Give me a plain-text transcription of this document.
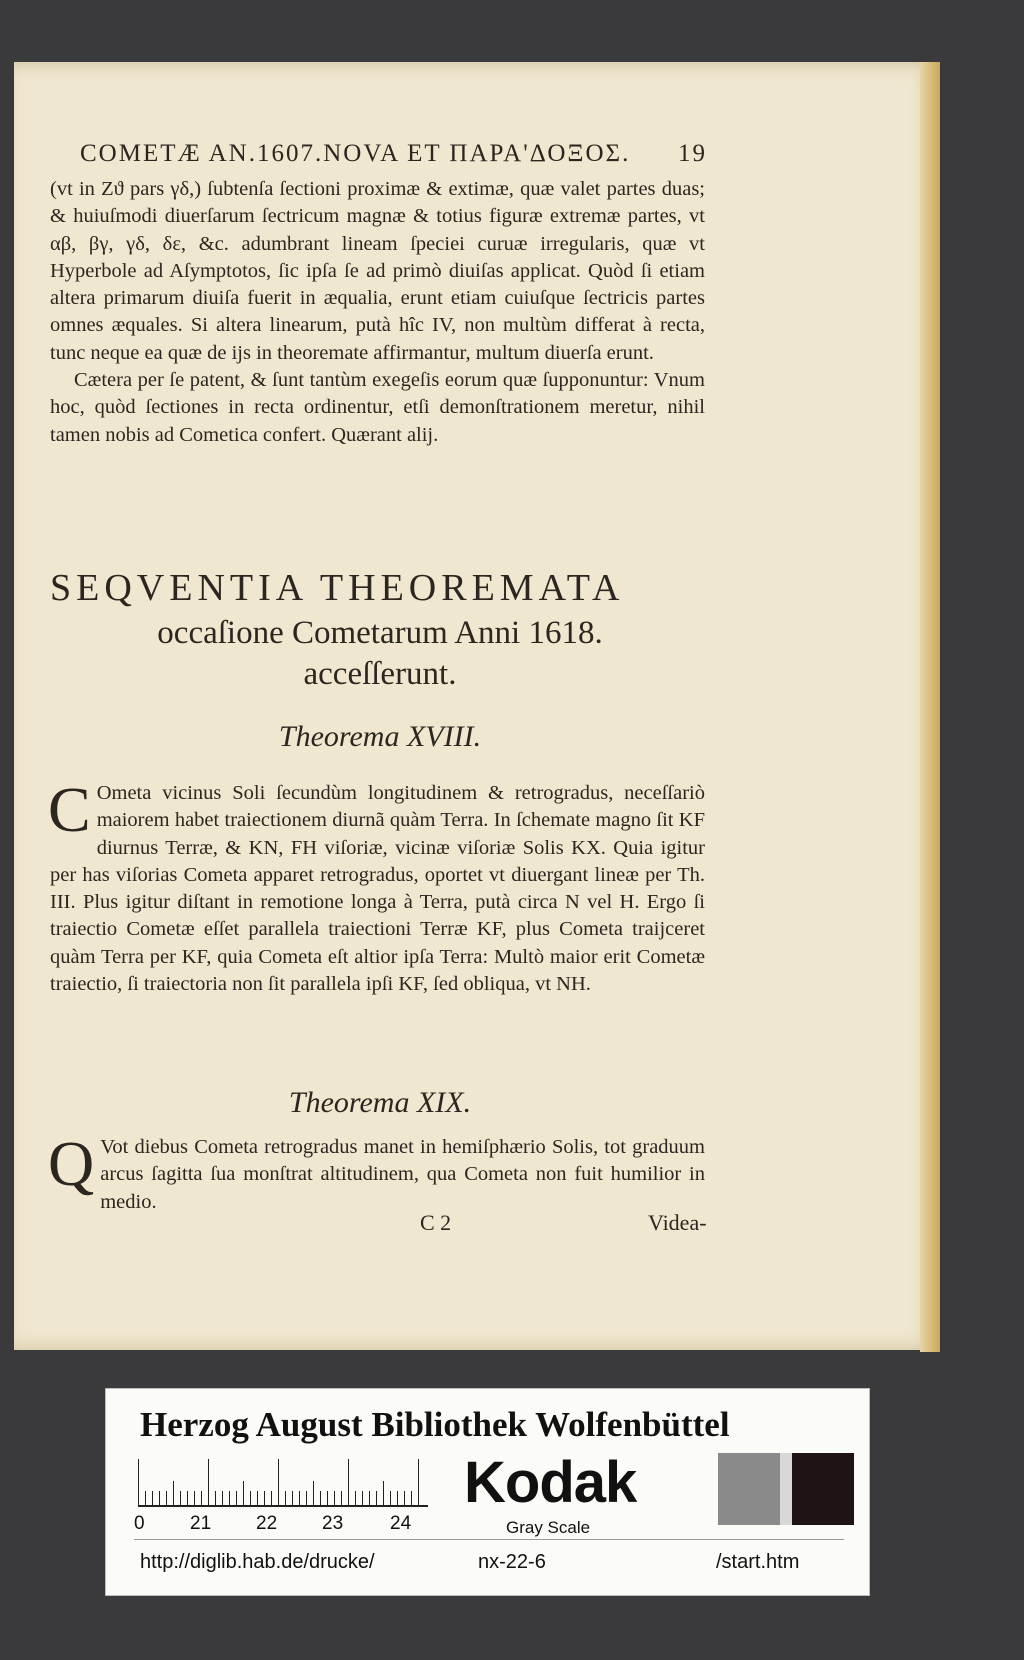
COMETÆ AN.1607.NOVA ET ΠΑΡΑ'ΔΟΞΟΣ. 19

(vt in Zϑ pars γδ,) ſubtenſa ſectioni proximæ & extimæ, quæ valet partes duas; & huiuſmodi diuerſarum ſectricum magnæ & totius figuræ extremæ partes, vt αβ, βγ, γδ, δε, &c. adumbrant lineam ſpeciei curuæ irregularis, quæ vt Hyperbole ad Aſymptotos, ſic ipſa ſe ad primò diuiſas applicat. Quòd ſi etiam altera primarum diuiſa fuerit in æqualia, erunt etiam cuiuſque ſectricis partes omnes æquales. Si altera linearum, putà hîc IV, non multùm differat à recta, tunc neque ea quæ de ijs in theoremate affirmantur, multum diuerſa erunt.

Cætera per ſe patent, & ſunt tantùm exegeſis eorum quæ ſupponuntur: Vnum hoc, quòd ſectiones in recta ordinentur, etſi demonſtrationem meretur, nihil tamen nobis ad Cometica confert. Quærant alij.

SEQVENTIA THEOREMATA
occaſione Cometarum Anni 1618.
acceſſerunt.
Theorema XVIII.

C Ometa vicinus Soli ſecundùm longitudinem & retrogradus, neceſſariò maiorem habet traiectionem diurnã quàm Terra. In ſchemate magno ſit KF diurnus Terræ, & KN, FH viſoriæ, vicinæ viſoriæ Solis KX. Quia igitur per has viſorias Cometa apparet retrogradus, oportet vt diuergant lineæ per Th. III. Plus igitur diſtant in remotione longa à Terra, putà circa N vel H. Ergo ſi traiectio Cometæ eſſet parallela traiectioni Terræ KF, plus Cometa traijceret quàm Terra per KF, quia Cometa eſt altior ipſa Terra: Multò maior erit Cometæ traiectio, ſi traiectoria non ſit parallela ipſi KF, ſed obliqua, vt NH.

Theorema XIX.

Q Vot diebus Cometa retrogradus manet in hemiſphærio Solis, tot graduum arcus ſagitta ſua monſtrat altitudinem, qua Cometa non fuit humilior in medio.

C 2	Videa-
Herzog August Bibliothek Wolfenbüttel
0 21 22 23 24
Kodak
Gray Scale
http://diglib.hab.de/drucke/	nx-22-6	/start.htm
